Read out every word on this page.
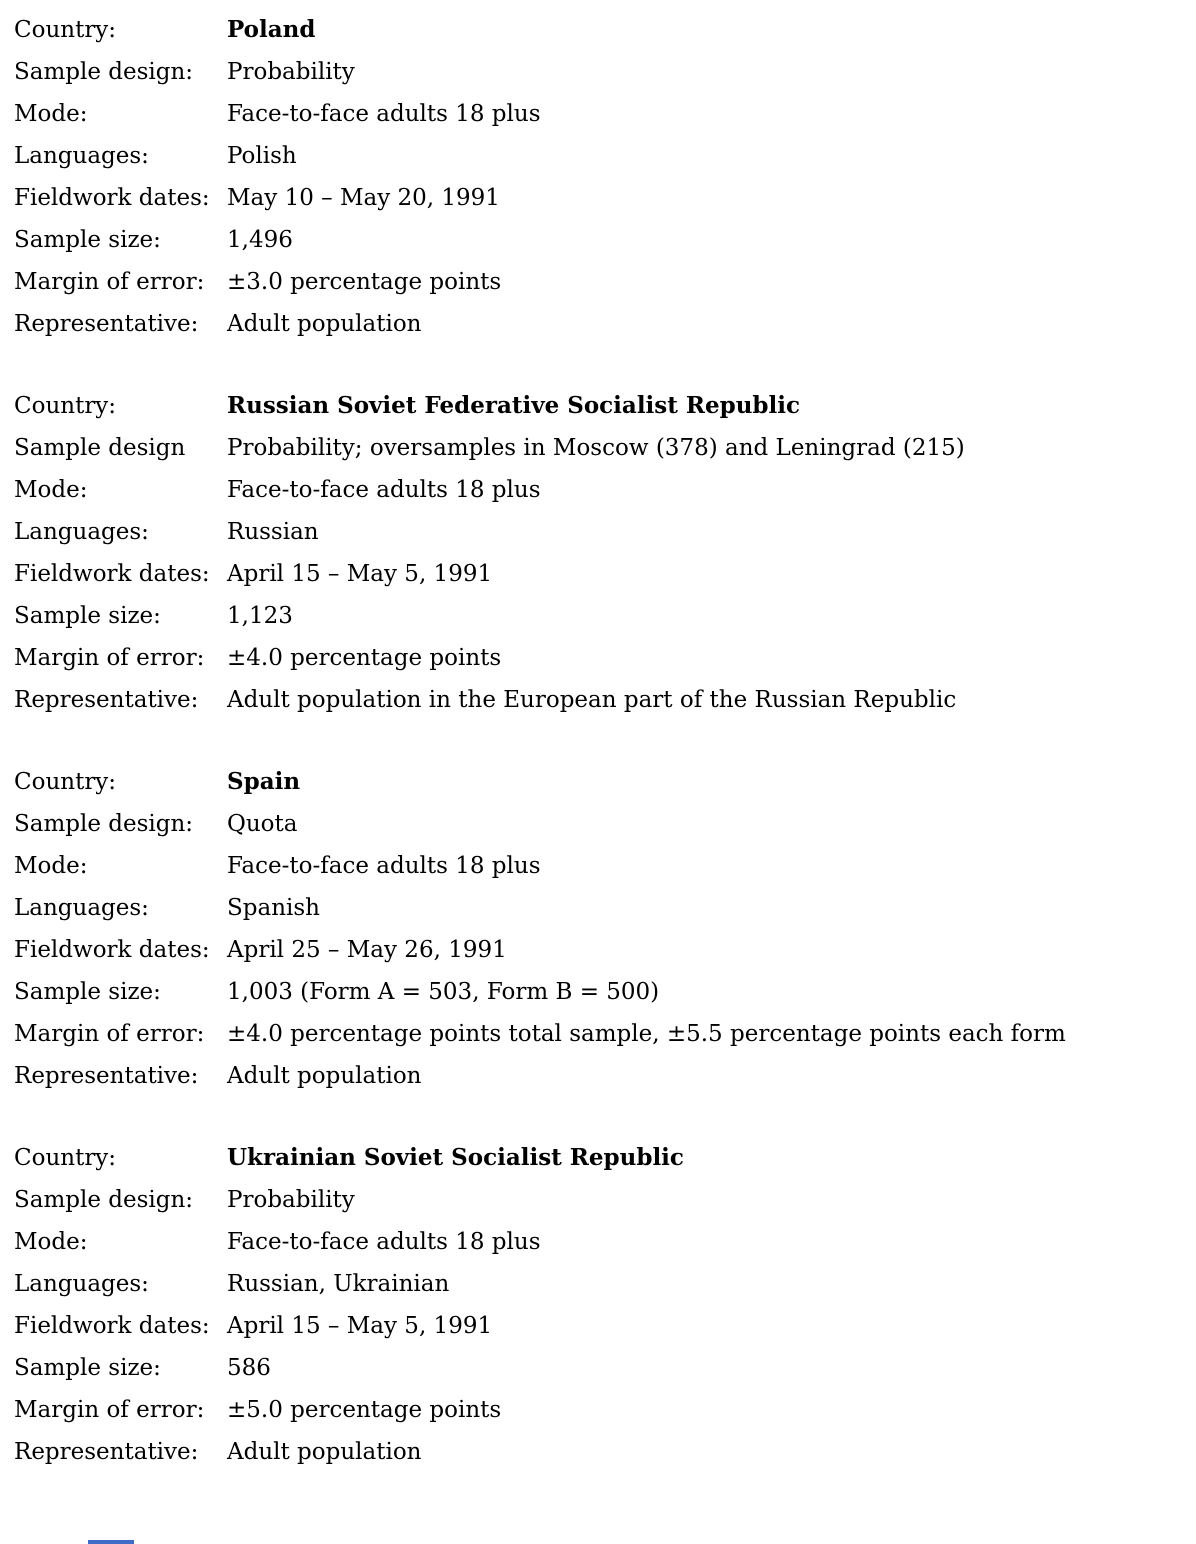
Country:	Poland
Sample design:	Probability
Mode:	Face-to-face adults 18 plus
Languages:	Polish
Fieldwork dates: May 10 – May 20, 1991
Sample size:	1,496
Margin of error: ±3.0 percentage points
Representative:	Adult population
Country:	Russian Soviet Federative Socialist Republic
Sample design	Probability; oversamples in Moscow (378) and Leningrad (215)
Mode:	Face-to-face adults 18 plus
Languages:	Russian
Fieldwork dates: April 15 – May 5, 1991
Sample size:	1,123
Margin of error: ±4.0 percentage points
Representative:	Adult population in the European part of the Russian Republic
Country:	Spain
Sample design:	Quota
Mode:	Face-to-face adults 18 plus
Languages:	Spanish
Fieldwork dates: April 25 – May 26, 1991
Sample size:	1,003 (Form A = 503, Form B = 500)
Margin of error: ±4.0 percentage points total sample, ±5.5 percentage points each form
Representative:	Adult population
Country:	Ukrainian Soviet Socialist Republic
Sample design:	Probability
Mode:	Face-to-face adults 18 plus
Languages:	Russian, Ukrainian
Fieldwork dates: April 15 – May 5, 1991
Sample size:	586
Margin of error: ±5.0 percentage points
Representative:	Adult population
